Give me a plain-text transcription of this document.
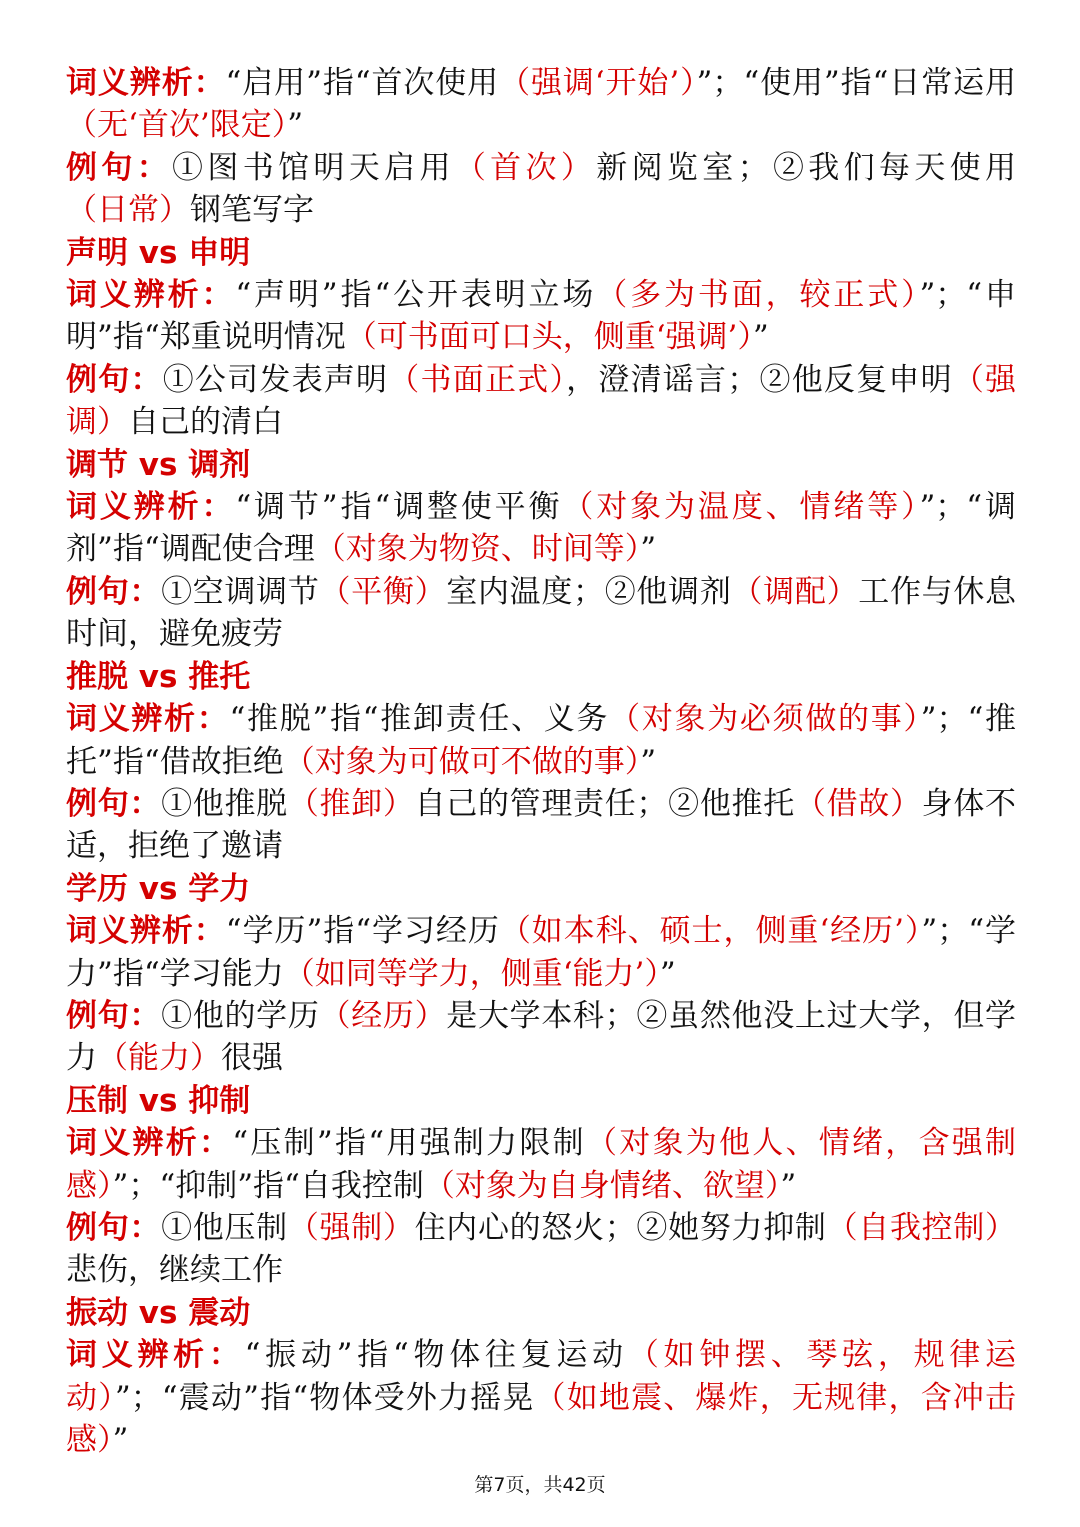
词义辨析：“启用”指“首次使用（强调‘开始’）”；“使用”指“日常运用（无‘首次’限定）”

例句：①图书馆明天启用（首次）新阅览室；②我们每天使用（日常）钢笔写字

声明 vs 申明

词义辨析：“声明”指“公开表明立场（多为书面，较正式）”；“申明”指“郑重说明情况（可书面可口头，侧重‘强调’）”

例句：①公司发表声明（书面正式），澄清谣言；②他反复申明（强调）自己的清白

调节 vs 调剂

词义辨析：“调节”指“调整使平衡（对象为温度、情绪等）”；“调剂”指“调配使合理（对象为物资、时间等）”

例句：①空调调节（平衡）室内温度；②他调剂（调配）工作与休息时间，避免疲劳

推脱 vs 推托

词义辨析：“推脱”指“推卸责任、义务（对象为必须做的事）”；“推托”指“借故拒绝（对象为可做可不做的事）”

例句：①他推脱（推卸）自己的管理责任；②他推托（借故）身体不适，拒绝了邀请

学历 vs 学力

词义辨析：“学历”指“学习经历（如本科、硕士，侧重‘经历’）”；“学力”指“学习能力（如同等学力，侧重‘能力’）”

例句：①他的学历（经历）是大学本科；②虽然他没上过大学，但学力（能力）很强

压制 vs 抑制

词义辨析：“压制”指“用强制力限制（对象为他人、情绪，含强制感）”；“抑制”指“自我控制（对象为自身情绪、欲望）”

例句：①他压制（强制）住内心的怒火；②她努力抑制（自我控制）悲伤，继续工作

振动 vs 震动

词义辨析：“振动”指“物体往复运动（如钟摆、琴弦，规律运动）”；“震动”指“物体受外力摇晃（如地震、爆炸，无规律，含冲击感）”

第7页，共42页
